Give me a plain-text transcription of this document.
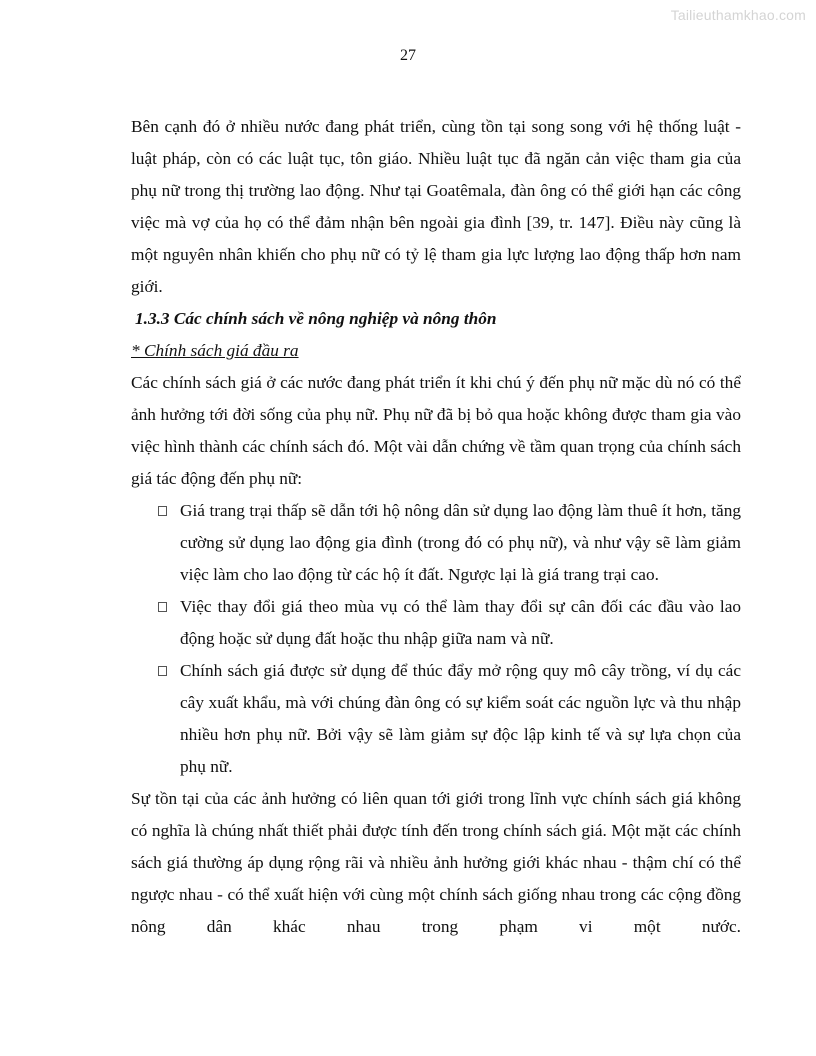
Tailieuthamkhao.com
27

Bên cạnh đó ở nhiều nước đang phát triển, cùng tồn tại song song với hệ thống luật - luật pháp, còn có các luật tục, tôn giáo. Nhiều luật tục đã ngăn cản việc tham gia của phụ nữ trong thị trường lao động. Như tại Goatêmala, đàn ông có thể giới hạn các công việc mà vợ của họ có thể đảm nhận bên ngoài gia đình [39, tr. 147]. Điều này cũng là một nguyên nhân khiến cho phụ nữ có tỷ lệ tham gia lực lượng lao động thấp hơn nam giới.

1.3.3 Các chính sách về nông nghiệp và nông thôn

* Chính sách giá đầu ra

Các chính sách giá ở các nước đang phát triển ít khi chú ý đến phụ nữ mặc dù nó có thể ảnh hưởng tới đời sống của phụ nữ. Phụ nữ đã bị bỏ qua hoặc không được tham gia vào việc hình thành các chính sách đó. Một vài dẫn chứng về tầm quan trọng của chính sách giá tác động đến phụ nữ:

Giá trang trại thấp sẽ dẫn tới hộ nông dân sử dụng lao động làm thuê ít hơn, tăng cường sử dụng lao động gia đình (trong đó có phụ nữ), và như vậy sẽ làm giảm việc làm cho lao động từ các hộ ít đất. Ngược lại là giá trang trại cao.
Việc thay đổi giá theo mùa vụ có thể làm thay đổi sự cân đối các đầu vào lao động hoặc sử dụng đất hoặc thu nhập giữa nam và nữ.
Chính sách giá được sử dụng để thúc đẩy mở rộng quy mô cây trồng, ví dụ các cây xuất khẩu, mà với chúng đàn ông có sự kiểm soát các nguồn lực và thu nhập nhiều hơn phụ nữ. Bởi vậy sẽ làm giảm sự độc lập kinh tế và sự lựa chọn của phụ nữ.

Sự tồn tại của các ảnh hưởng có liên quan tới giới trong lĩnh vực chính sách giá không có nghĩa là chúng nhất thiết phải được tính đến trong chính sách giá. Một mặt các chính sách giá thường áp dụng rộng rãi và nhiều ảnh hưởng giới khác nhau - thậm chí có thể ngược nhau - có thể xuất hiện với cùng một chính sách giống nhau trong các cộng đồng nông dân khác nhau trong phạm vi một nước.
